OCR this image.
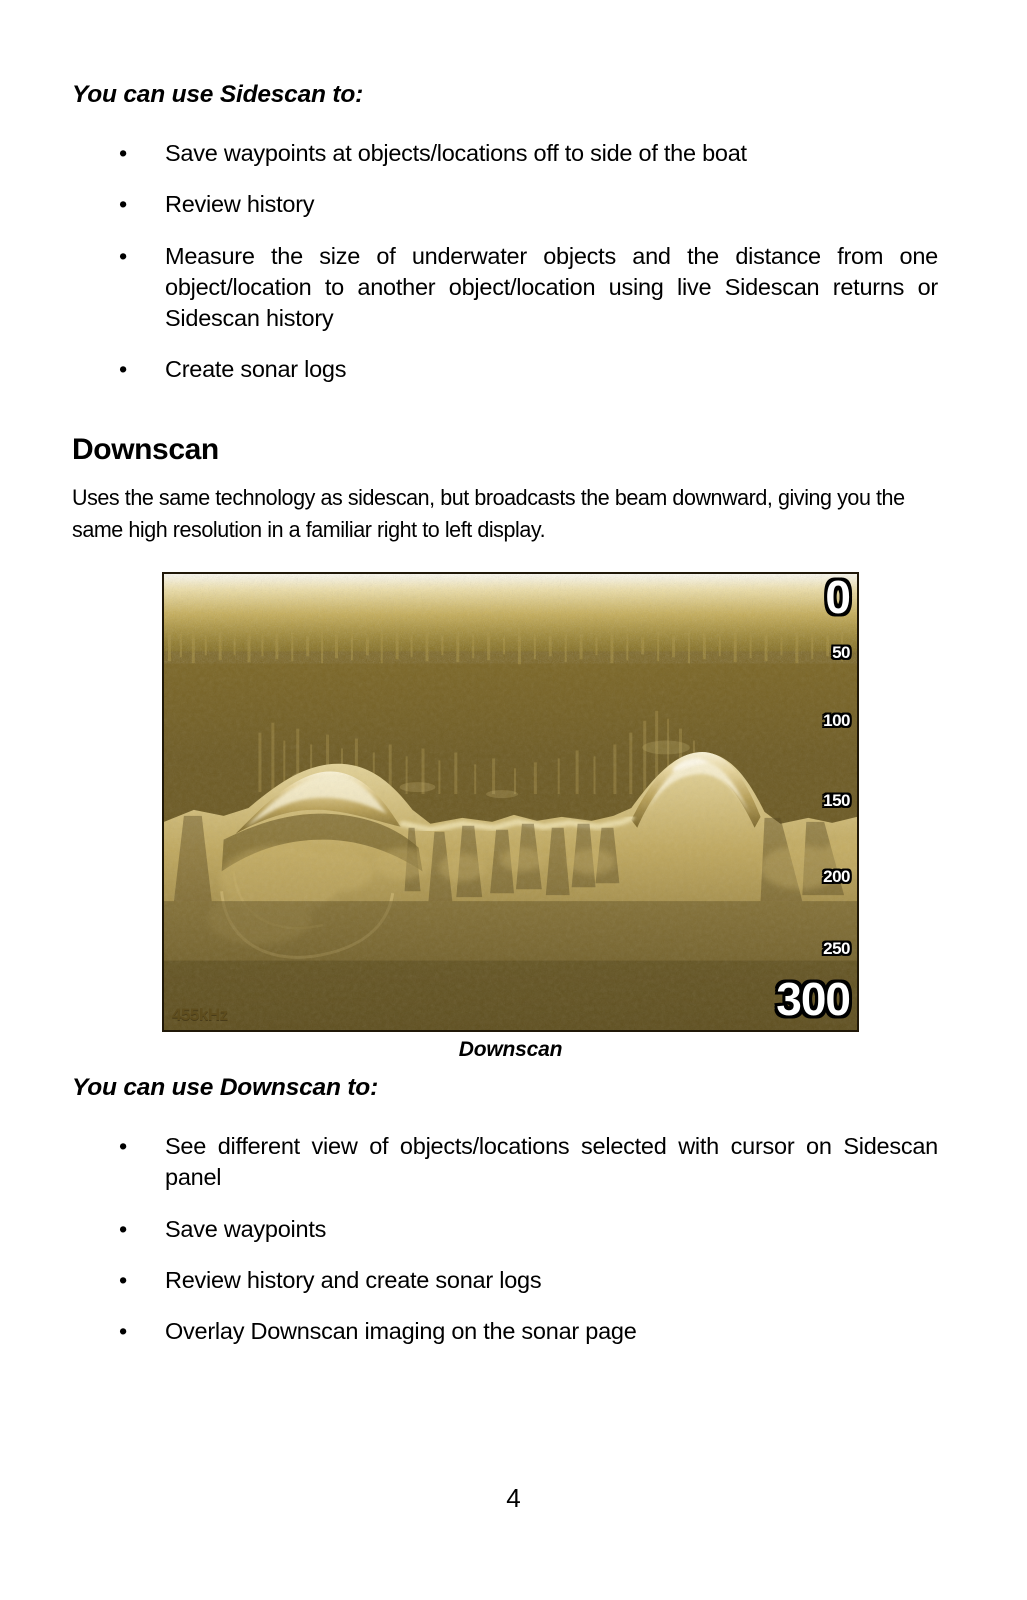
You can use Sidescan to:

• Save waypoints at objects/locations off to side of the boat
• Review history
• Measure the size of underwater objects and the distance from one object/location to another object/location using live Sidescan returns or Sidescan history
• Create sonar logs
Downscan

Uses the same technology as sidescan, but broadcasts the beam downward, giving you the same high resolution in a familiar right to left display.

0
50
100
150
200
250
300
455kHz
Downscan

You can use Downscan to:

• See different view of objects/locations selected with cursor on Sidescan panel
• Save waypoints
• Review history and create sonar logs
• Overlay Downscan imaging on the sonar page
4
